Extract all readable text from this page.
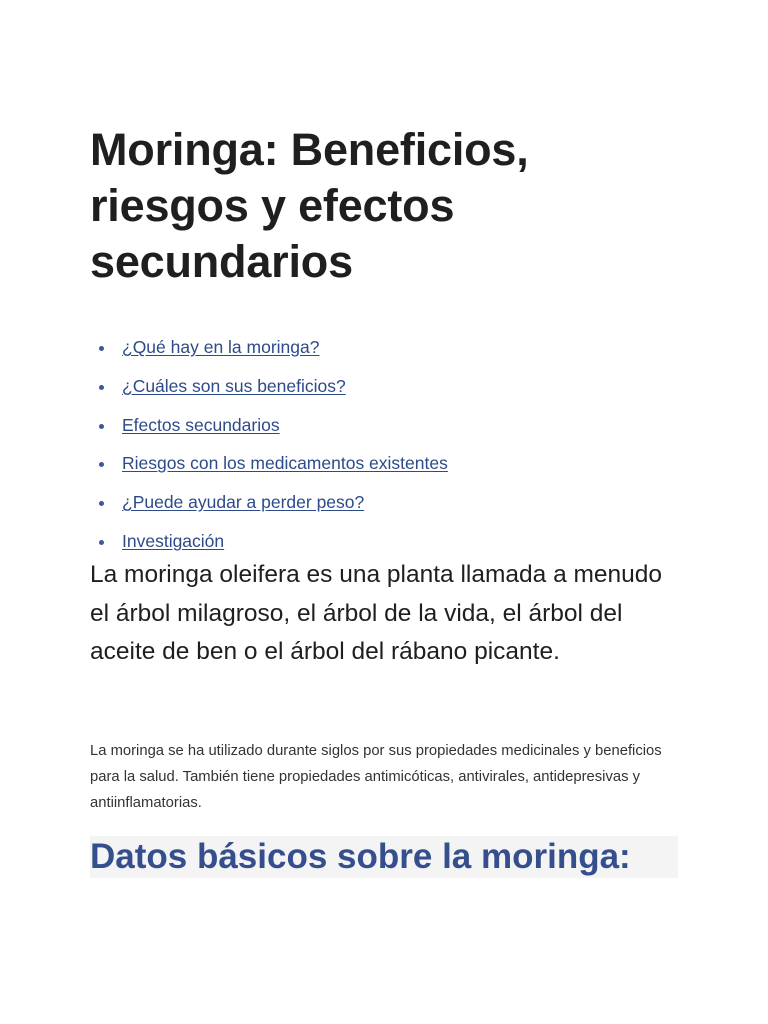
Moringa: Beneficios, riesgos y efectos secundarios
¿Qué hay en la moringa?
¿Cuáles son sus beneficios?
Efectos secundarios
Riesgos con los medicamentos existentes
¿Puede ayudar a perder peso?
Investigación

La moringa oleifera es una planta llamada a menudo el árbol milagroso, el árbol de la vida, el árbol del aceite de ben o el árbol del rábano picante.

La moringa se ha utilizado durante siglos por sus propiedades medicinales y beneficios para la salud. También tiene propiedades antimicóticas, antivirales, antidepresivas y antiinflamatorias.

Datos básicos sobre la moringa:
